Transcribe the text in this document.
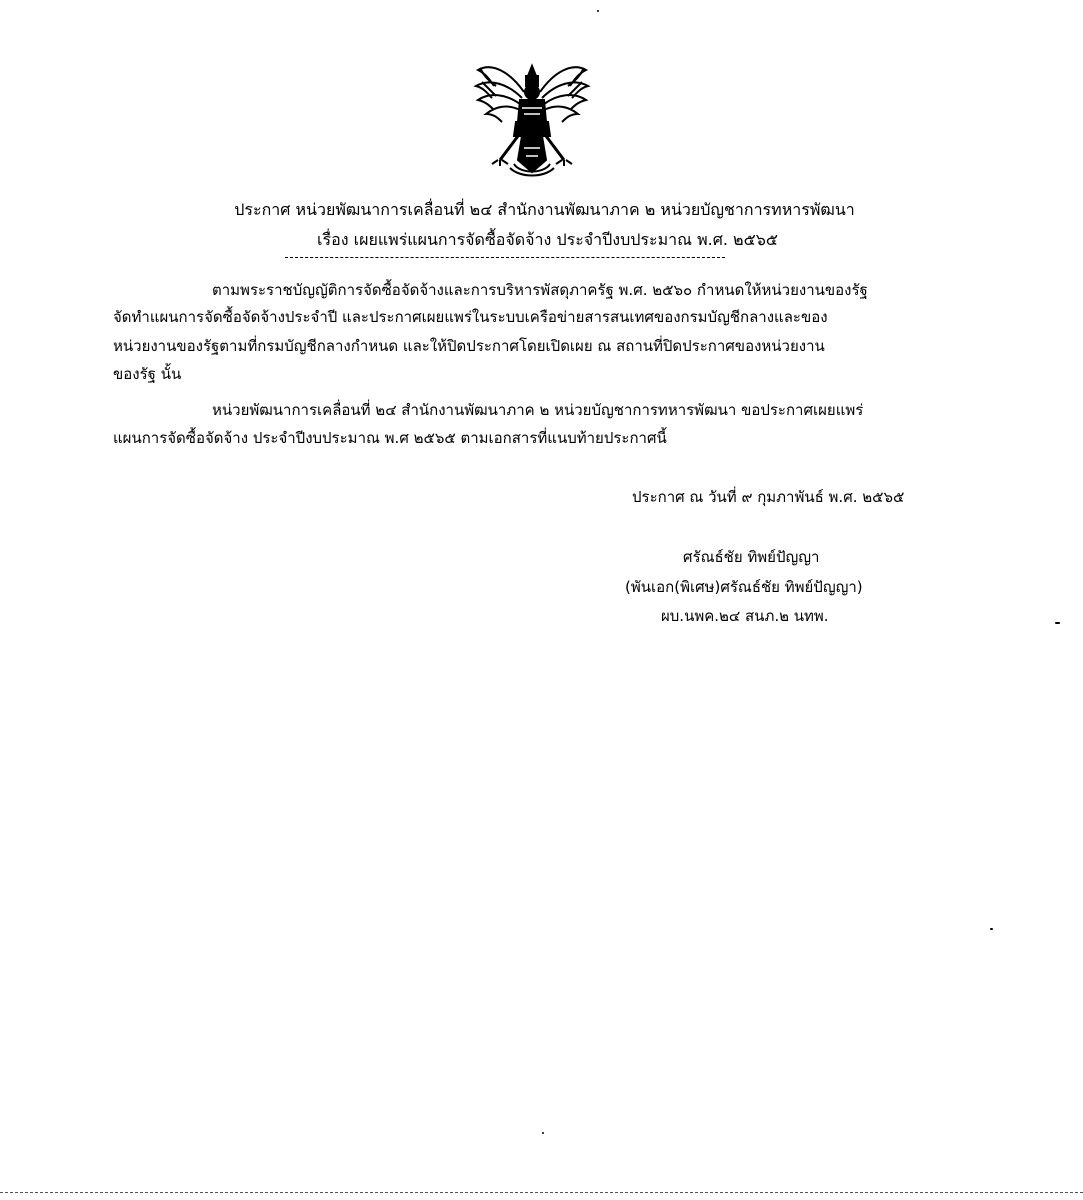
ประกาศ หน่วยพัฒนาการเคลื่อนที่ ๒๔ สำนักงานพัฒนาภาค ๒ หน่วยบัญชาการทหารพัฒนา
เรื่อง เผยแพร่แผนการจัดซื้อจัดจ้าง ประจำปีงบประมาณ พ.ศ. ๒๕๖๕
ตามพระราชบัญญัติการจัดซื้อจัดจ้างและการบริหารพัสดุภาครัฐ พ.ศ. ๒๕๖๐ กำหนดให้หน่วยงานของรัฐ
จัดทำแผนการจัดซื้อจัดจ้างประจำปี และประกาศเผยแพร่ในระบบเครือข่ายสารสนเทศของกรมบัญชีกลางและของ
หน่วยงานของรัฐตามที่กรมบัญชีกลางกำหนด และให้ปิดประกาศโดยเปิดเผย ณ สถานที่ปิดประกาศของหน่วยงาน
ของรัฐ นั้น
หน่วยพัฒนาการเคลื่อนที่ ๒๔ สำนักงานพัฒนาภาค ๒ หน่วยบัญชาการทหารพัฒนา ขอประกาศเผยแพร่
แผนการจัดซื้อจัดจ้าง ประจำปีงบประมาณ พ.ศ ๒๕๖๕ ตามเอกสารที่แนบท้ายประกาศนี้
ประกาศ ณ วันที่ ๙ กุมภาพันธ์ พ.ศ. ๒๕๖๕
ศรัณธ์ชัย ทิพย์ปัญญา
(พันเอก(พิเศษ)ศรัณธ์ชัย ทิพย์ปัญญา)
ผบ.นพค.๒๔ สนภ.๒ นทพ.
